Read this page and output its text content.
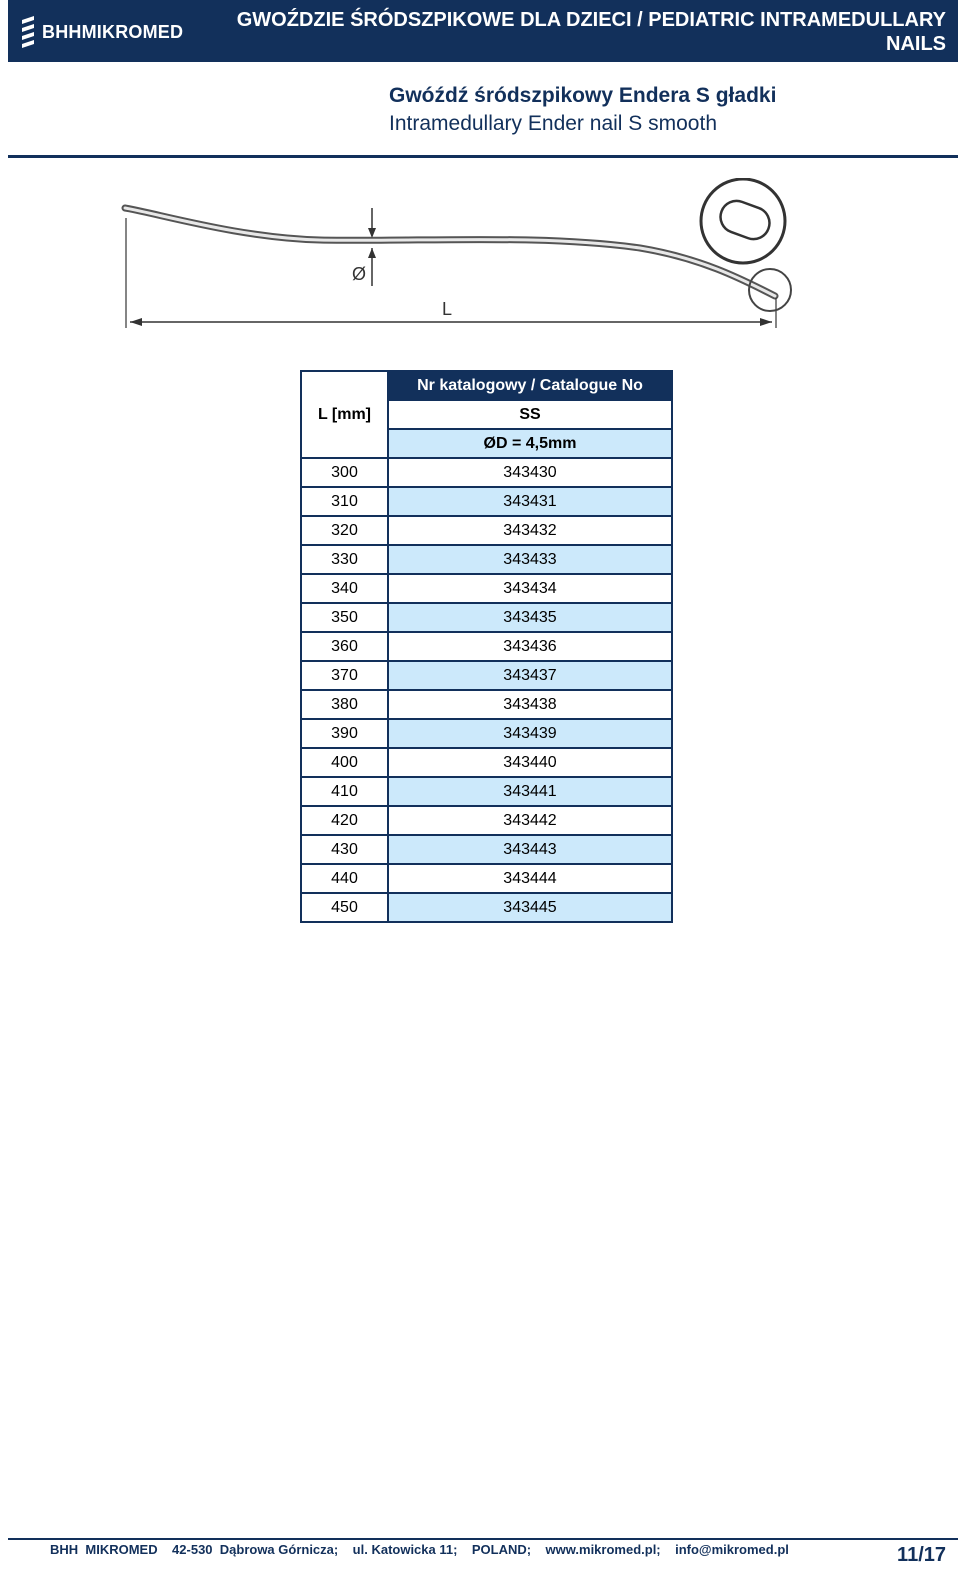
BHHMIKROMED
GWOŹDZIE ŚRÓDSZPIKOWE DLA DZIECI / PEDIATRIC INTRAMEDULLARY NAILS
Gwóźdź śródszpikowy Endera S gładki
Intramedullary Ender nail S smooth
Ø
L
L [mm]	Nr katalogowy / Catalogue No
	SS
	ØD = 4,5mm
300	343430
310	343431
320	343432
330	343433
340	343434
350	343435
360	343436
370	343437
380	343438
390	343439
400	343440
410	343441
420	343442
430	343443
440	343444
450	343445
BHH  MIKROMED    42-530  Dąbrowa Górnicza;    ul. Katowicka 11;    POLAND;    www.mikromed.pl;    info@mikromed.pl	11/17
